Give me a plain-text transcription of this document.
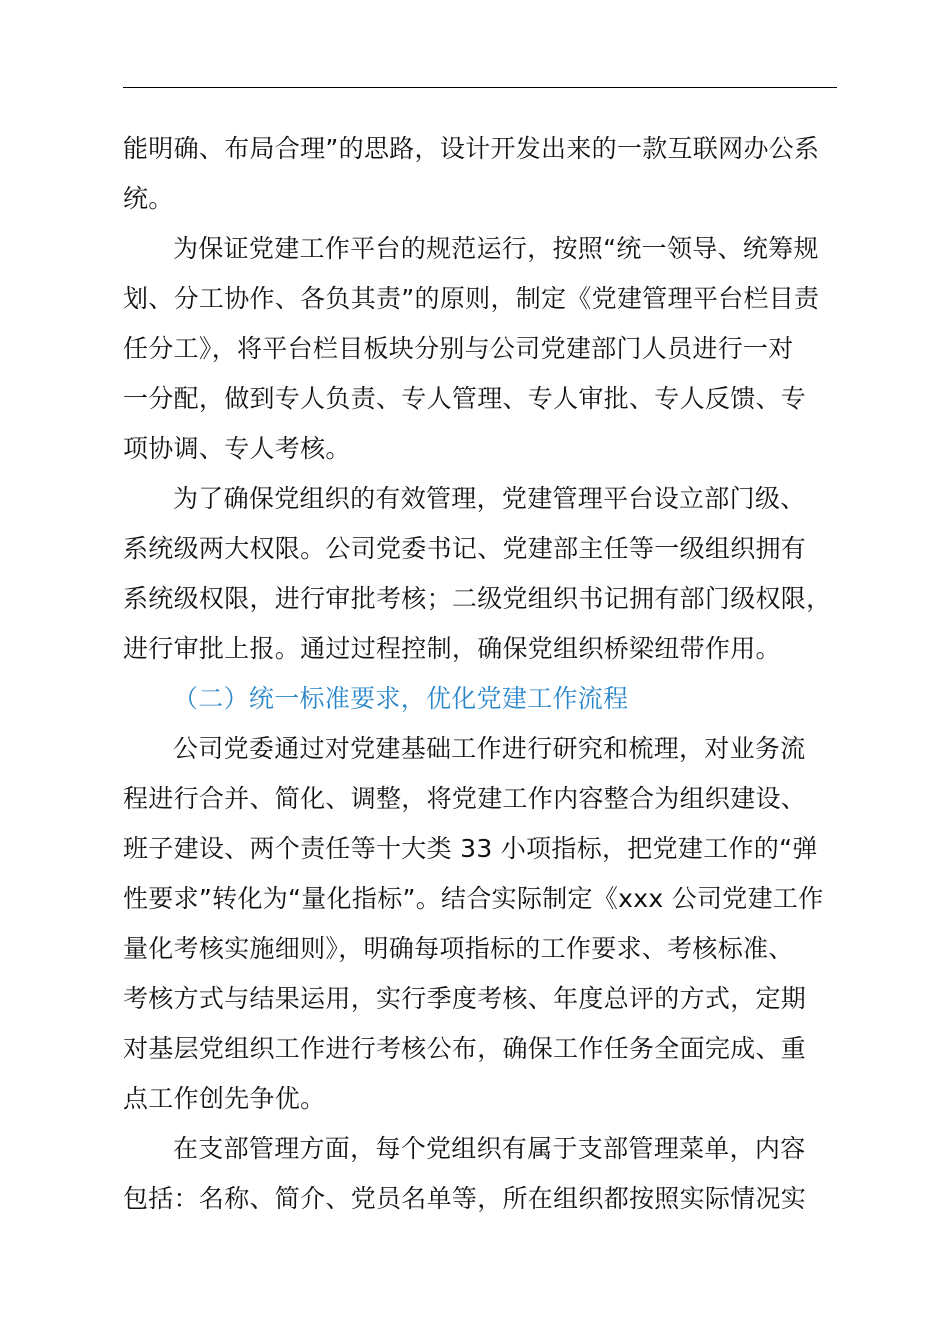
能明确、布局合理”的思路，设计开发出来的一款互联网办公系
统。
为保证党建工作平台的规范运行，按照“统一领导、统筹规
划、分工协作、各负其责”的原则，制定《党建管理平台栏目责
任分工》，将平台栏目板块分别与公司党建部门人员进行一对
一分配，做到专人负责、专人管理、专人审批、专人反馈、专
项协调、专人考核。
为了确保党组织的有效管理，党建管理平台设立部门级、
系统级两大权限。公司党委书记、党建部主任等一级组织拥有
系统级权限，进行审批考核；二级党组织书记拥有部门级权限，
进行审批上报。通过过程控制，确保党组织桥梁纽带作用。
（二）统一标准要求，优化党建工作流程
公司党委通过对党建基础工作进行研究和梳理，对业务流
程进行合并、简化、调整，将党建工作内容整合为组织建设、
班子建设、两个责任等十大类 33 小项指标，把党建工作的“弹
性要求”转化为“量化指标”。结合实际制定《xxx 公司党建工作
量化考核实施细则》，明确每项指标的工作要求、考核标准、
考核方式与结果运用，实行季度考核、年度总评的方式，定期
对基层党组织工作进行考核公布，确保工作任务全面完成、重
点工作创先争优。
在支部管理方面，每个党组织有属于支部管理菜单，内容
包括：名称、简介、党员名单等，所在组织都按照实际情况实
